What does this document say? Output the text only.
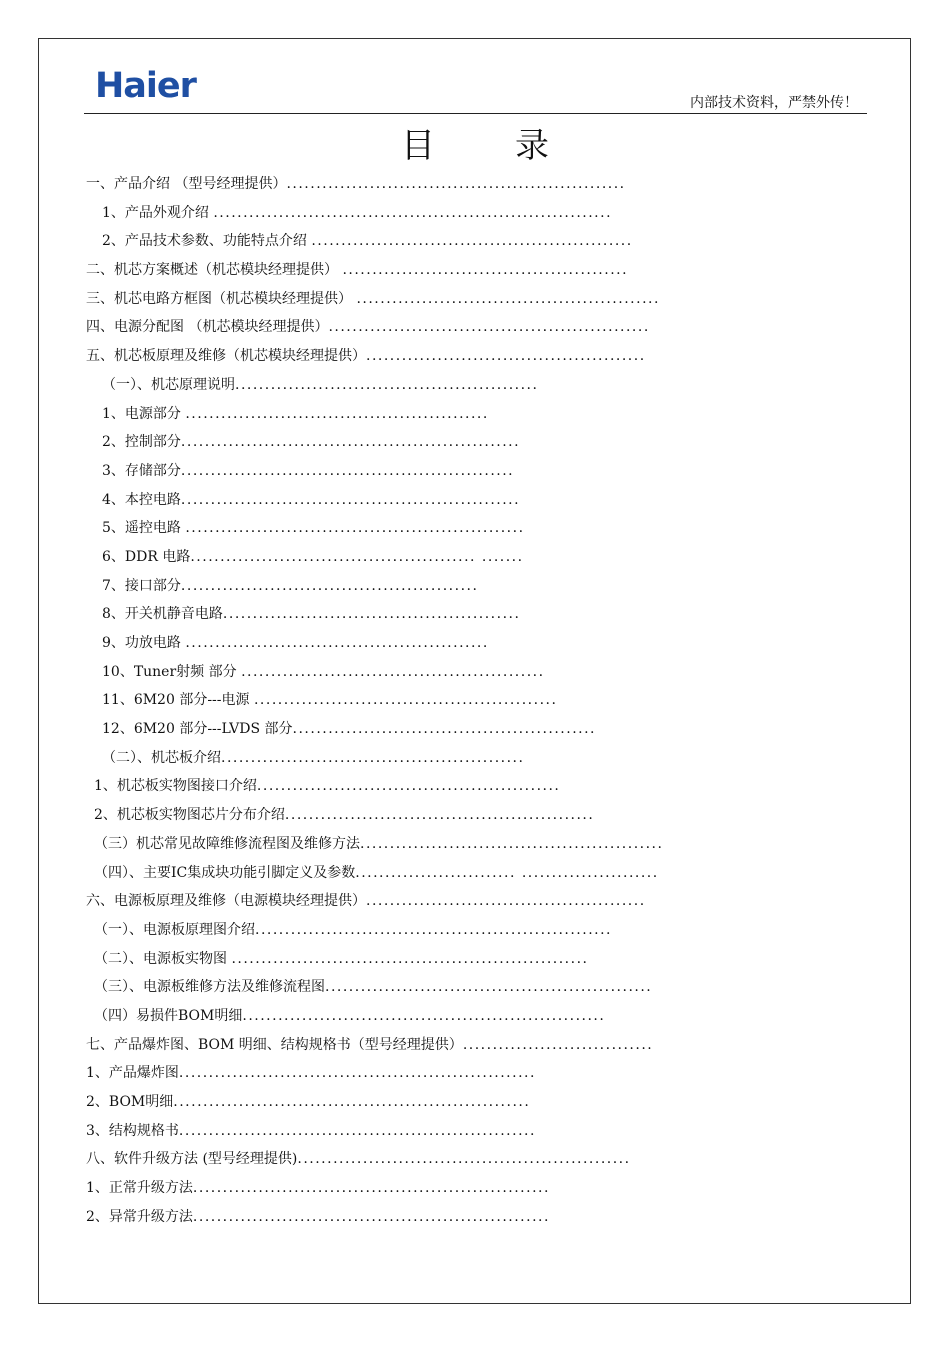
Haier	内部技术资料，严禁外传！
目录
一、产品介绍 （型号经理提供）.........................................................
1、产品外观介绍 ...................................................................
2、产品技术参数、功能特点介绍 ......................................................
二、机芯方案概述（机芯模块经理提供） ................................................
三、机芯电路方框图（机芯模块经理提供） ...................................................
四、电源分配图 （机芯模块经理提供）......................................................
五、机芯板原理及维修（机芯模块经理提供）...............................................
（一）、机芯原理说明...................................................
1、电源部分 ...................................................
2、控制部分.........................................................
3、存储部分........................................................
4、本控电路.........................................................
5、遥控电路 .........................................................
6、DDR 电路................................................ .......
7、接口部分..................................................
8、开关机静音电路..................................................
9、功放电路 ...................................................
10、Tuner射频 部分 ...................................................
11、6M20 部分---电源 ...................................................
12、6M20 部分---LVDS 部分...................................................
（二）、机芯板介绍...................................................
1、机芯板实物图接口介绍...................................................
2、机芯板实物图芯片分布介绍....................................................
（三）机芯常见故障维修流程图及维修方法...................................................
（四）、主要IC集成块功能引脚定义及参数........................... .......................
六、电源板原理及维修（电源模块经理提供）...............................................
（一）、电源板原理图介绍............................................................
（二）、电源板实物图 ............................................................
（三）、电源板维修方法及维修流程图.......................................................
（四）易损件BOM明细.............................................................
七、产品爆炸图、BOM 明细、结构规格书（型号经理提供）................................
1、产品爆炸图............................................................
2、BOM明细............................................................
3、结构规格书............................................................
八、软件升级方法 (型号经理提供)........................................................
1、正常升级方法............................................................
2、异常升级方法............................................................
